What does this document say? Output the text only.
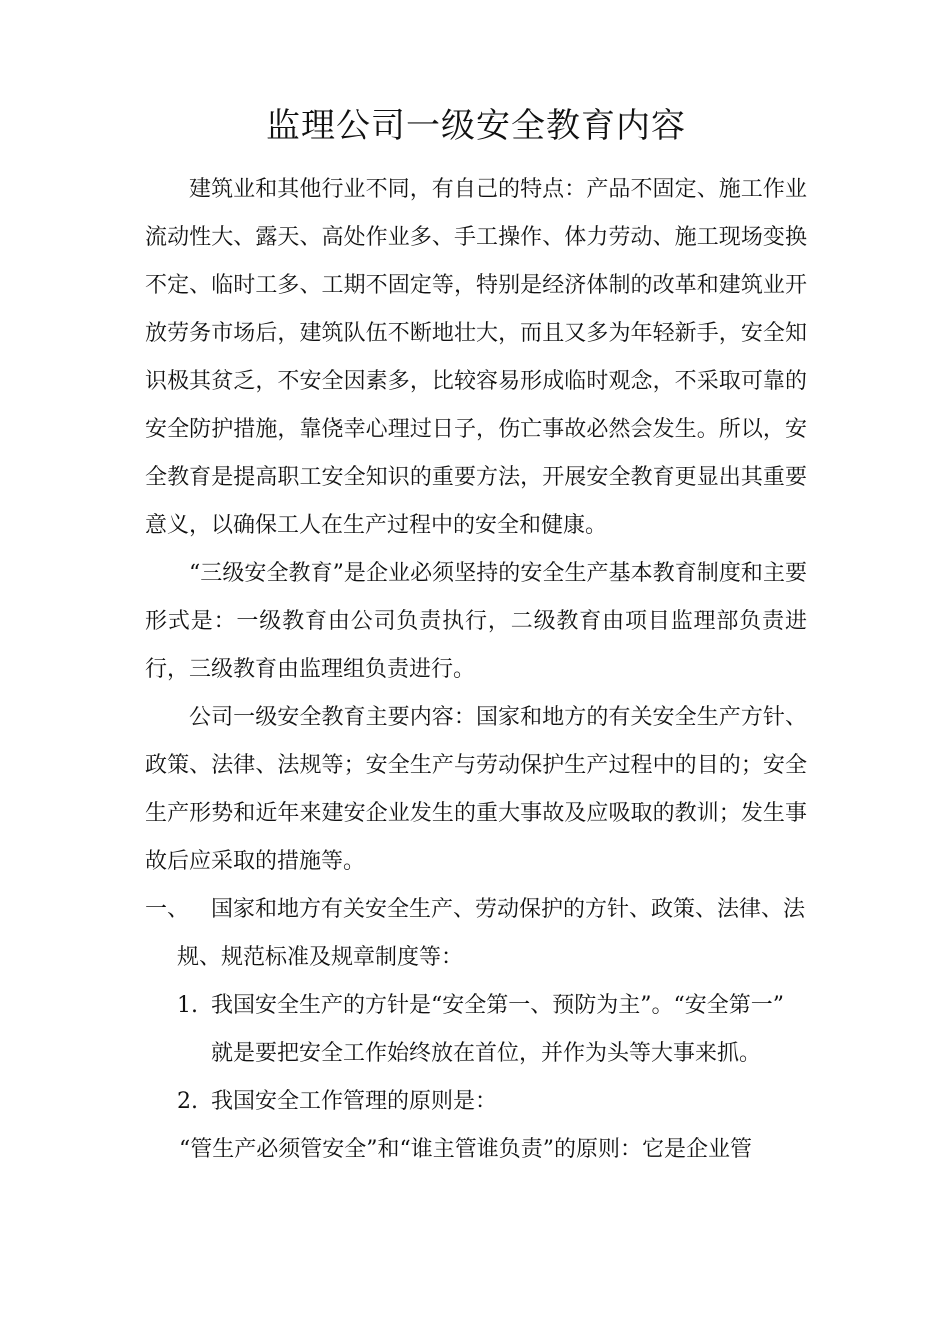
监理公司一级安全教育内容

建筑业和其他行业不同，有自己的特点：产品不固定、施工作业流动性大、露天、高处作业多、手工操作、体力劳动、施工现场变换不定、临时工多、工期不固定等，特别是经济体制的改革和建筑业开放劳务市场后，建筑队伍不断地壮大，而且又多为年轻新手，安全知识极其贫乏，不安全因素多，比较容易形成临时观念，不采取可靠的安全防护措施，靠侥幸心理过日子，伤亡事故必然会发生。所以，安全教育是提高职工安全知识的重要方法，开展安全教育更显出其重要意义，以确保工人在生产过程中的安全和健康。

“三级安全教育”是企业必须坚持的安全生产基本教育制度和主要形式是：一级教育由公司负责执行，二级教育由项目监理部负责进行，三级教育由监理组负责进行。

公司一级安全教育主要内容：国家和地方的有关安全生产方针、政策、法律、法规等；安全生产与劳动保护生产过程中的目的；安全生产形势和近年来建安企业发生的重大事故及应吸取的教训；发生事故后应采取的措施等。

一、 国家和地方有关安全生产、劳动保护的方针、政策、法律、法
规、规范标准及规章制度等：
1. 我国安全生产的方针是“安全第一、预防为主”。“安全第一”
就是要把安全工作始终放在首位，并作为头等大事来抓。
2. 我国安全工作管理的原则是：

“管生产必须管安全”和“谁主管谁负责”的原则：它是企业管
